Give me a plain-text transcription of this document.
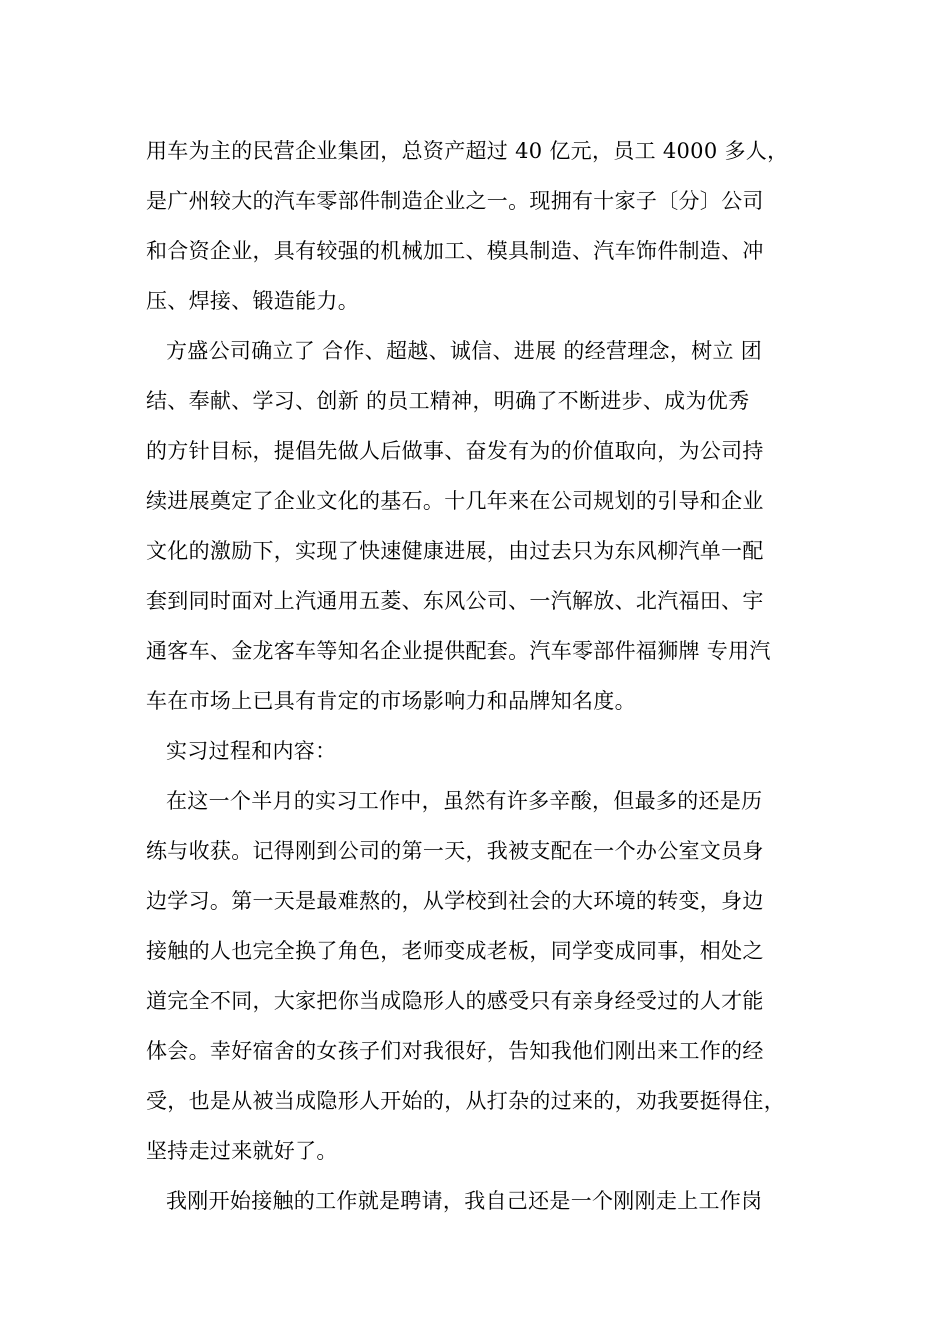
用车为主的民营企业集团，总资产超过 40 亿元，员工 4000 多人，
是广州较大的汽车零部件制造企业之一。现拥有十家子〔分〕公司
和合资企业，具有较强的机械加工、模具制造、汽车饰件制造、冲
压、焊接、锻造能力。
方盛公司确立了 合作、超越、诚信、进展 的经营理念，树立 团
结、奉献、学习、创新 的员工精神，明确了不断进步、成为优秀
的方针目标，提倡先做人后做事、奋发有为的价值取向，为公司持
续进展奠定了企业文化的基石。十几年来在公司规划的引导和企业
文化的激励下，实现了快速健康进展，由过去只为东风柳汽单一配
套到同时面对上汽通用五菱、东风公司、一汽解放、北汽福田、宇
通客车、金龙客车等知名企业提供配套。汽车零部件福狮牌 专用汽
车在市场上已具有肯定的市场影响力和品牌知名度。
实习过程和内容：
在这一个半月的实习工作中，虽然有许多辛酸，但最多的还是历
练与收获。记得刚到公司的第一天，我被支配在一个办公室文员身
边学习。第一天是最难熬的，从学校到社会的大环境的转变，身边
接触的人也完全换了角色，老师变成老板，同学变成同事，相处之
道完全不同，大家把你当成隐形人的感受只有亲身经受过的人才能
体会。幸好宿舍的女孩子们对我很好，告知我他们刚出来工作的经
受，也是从被当成隐形人开始的，从打杂的过来的，劝我要挺得住，
坚持走过来就好了。
我刚开始接触的工作就是聘请，我自己还是一个刚刚走上工作岗
